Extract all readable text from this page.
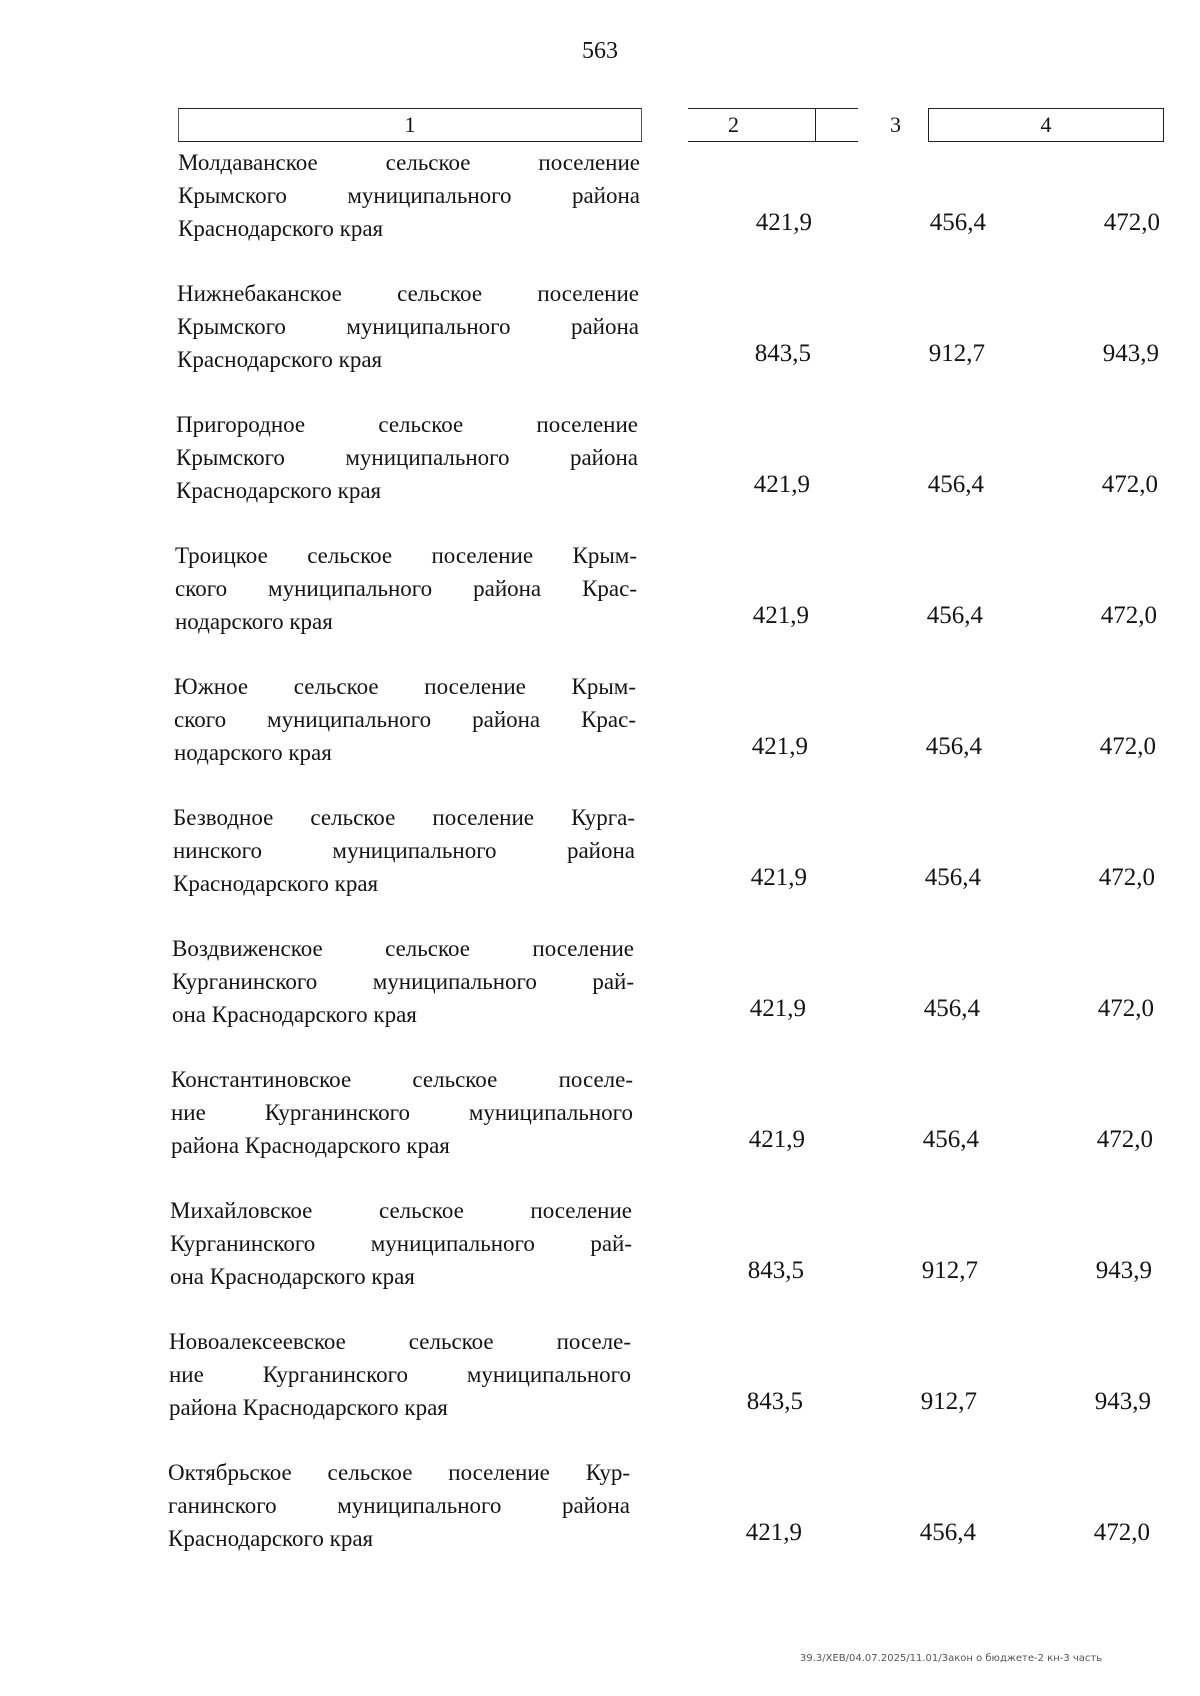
563
1	2	3	4
Молдаванское сельское поселение
Крымского муниципального района
Краснодарского края	421,9	456,4	472,0
Нижнебаканское сельское поселение
Крымского муниципального района
Краснодарского края	843,5	912,7	943,9
Пригородное сельское поселение
Крымского муниципального района
Краснодарского края	421,9	456,4	472,0
Троицкое сельское поселение Крым-
ского муниципального района Крас-
нодарского края	421,9	456,4	472,0
Южное сельское поселение Крым-
ского муниципального района Крас-
нодарского края	421,9	456,4	472,0
Безводное сельское поселение Курга-
нинского муниципального района
Краснодарского края	421,9	456,4	472,0
Воздвиженское сельское поселение
Курганинского муниципального рай-
она Краснодарского края	421,9	456,4	472,0
Константиновское сельское поселе-
ние Курганинского муниципального
района Краснодарского края	421,9	456,4	472,0
Михайловское сельское поселение
Курганинского муниципального рай-
она Краснодарского края	843,5	912,7	943,9
Новоалексеевское сельское поселе-
ние Курганинского муниципального
района Краснодарского края	843,5	912,7	943,9
Октябрьское сельское поселение Кур-
ганинского муниципального района
Краснодарского края	421,9	456,4	472,0
39.3/XEB/04.07.2025/11.01/Закон о бюджете-2 кн-3 часть
